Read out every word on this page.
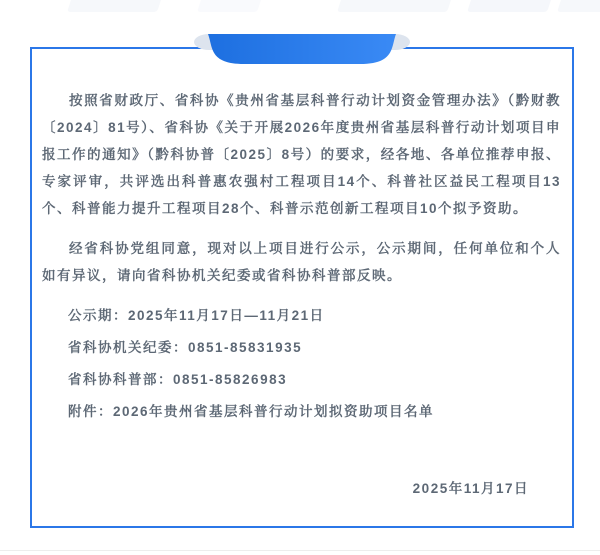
按照省财政厅、省科协《贵州省基层科普行动计划资金管理办法》（黔财教〔2024〕81号）、省科协《关于开展2026年度贵州省基层科普行动计划项目申报工作的通知》（黔科协普〔2025〕8号）的要求，经各地、各单位推荐申报、专家评审，共评选出科普惠农强村工程项目14个、科普社区益民工程项目13个、科普能力提升工程项目28个、科普示范创新工程项目10个拟予资助。

经省科协党组同意，现对以上项目进行公示，公示期间，任何单位和个人如有异议，请向省科协机关纪委或省科协科普部反映。

公示期：2025年11月17日—11月21日
省科协机关纪委：0851-85831935
省科协科普部：0851-85826983
附件：2026年贵州省基层科普行动计划拟资助项目名单
2025年11月17日
